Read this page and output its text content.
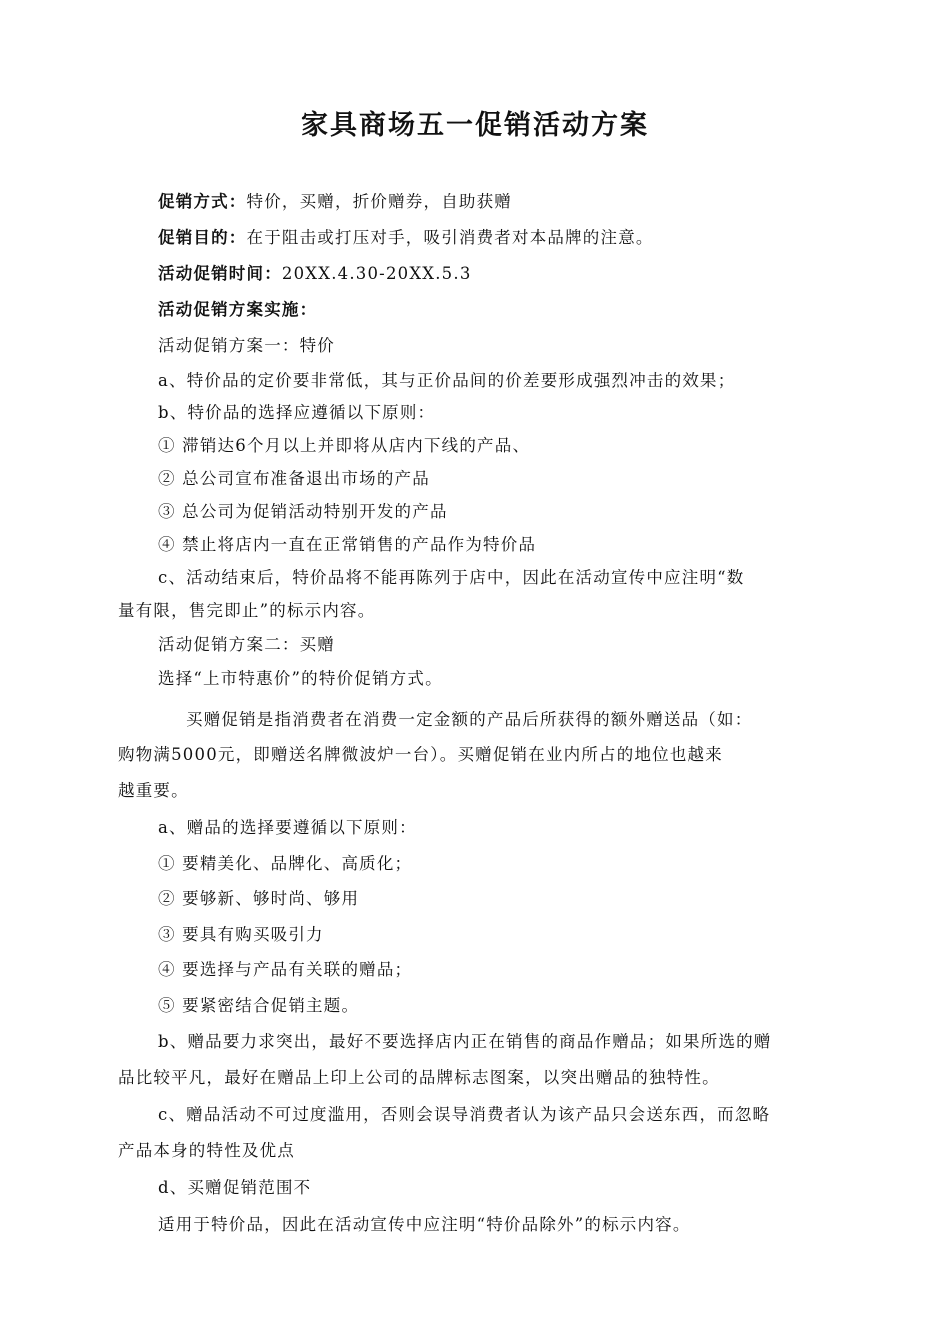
家具商场五一促销活动方案
促销方式：特价，买赠，折价赠券，自助获赠
促销目的：在于阻击或打压对手，吸引消费者对本品牌的注意。
活动促销时间：20XX.4.30-20XX.5.3
活动促销方案实施：
活动促销方案一：特价
a、特价品的定价要非常低，其与正价品间的价差要形成强烈冲击的效果；
b、特价品的选择应遵循以下原则：
① 滞销达6个月以上并即将从店内下线的产品、
② 总公司宣布准备退出市场的产品
③ 总公司为促销活动特别开发的产品
④ 禁止将店内一直在正常销售的产品作为特价品
c、活动结束后，特价品将不能再陈列于店中，因此在活动宣传中应注明“数
量有限，售完即止”的标示内容。
活动促销方案二：买赠
选择“上市特惠价”的特价促销方式。
买赠促销是指消费者在消费一定金额的产品后所获得的额外赠送品（如：
购物满5000元，即赠送名牌微波炉一台）。买赠促销在业内所占的地位也越来
越重要。
a、赠品的选择要遵循以下原则：
① 要精美化、品牌化、高质化；
② 要够新、够时尚、够用
③ 要具有购买吸引力
④ 要选择与产品有关联的赠品；
⑤ 要紧密结合促销主题。
b、赠品要力求突出，最好不要选择店内正在销售的商品作赠品；如果所选的赠
品比较平凡，最好在赠品上印上公司的品牌标志图案，以突出赠品的独特性。
c、赠品活动不可过度滥用，否则会误导消费者认为该产品只会送东西，而忽略
产品本身的特性及优点
d、买赠促销范围不
适用于特价品，因此在活动宣传中应注明“特价品除外”的标示内容。
